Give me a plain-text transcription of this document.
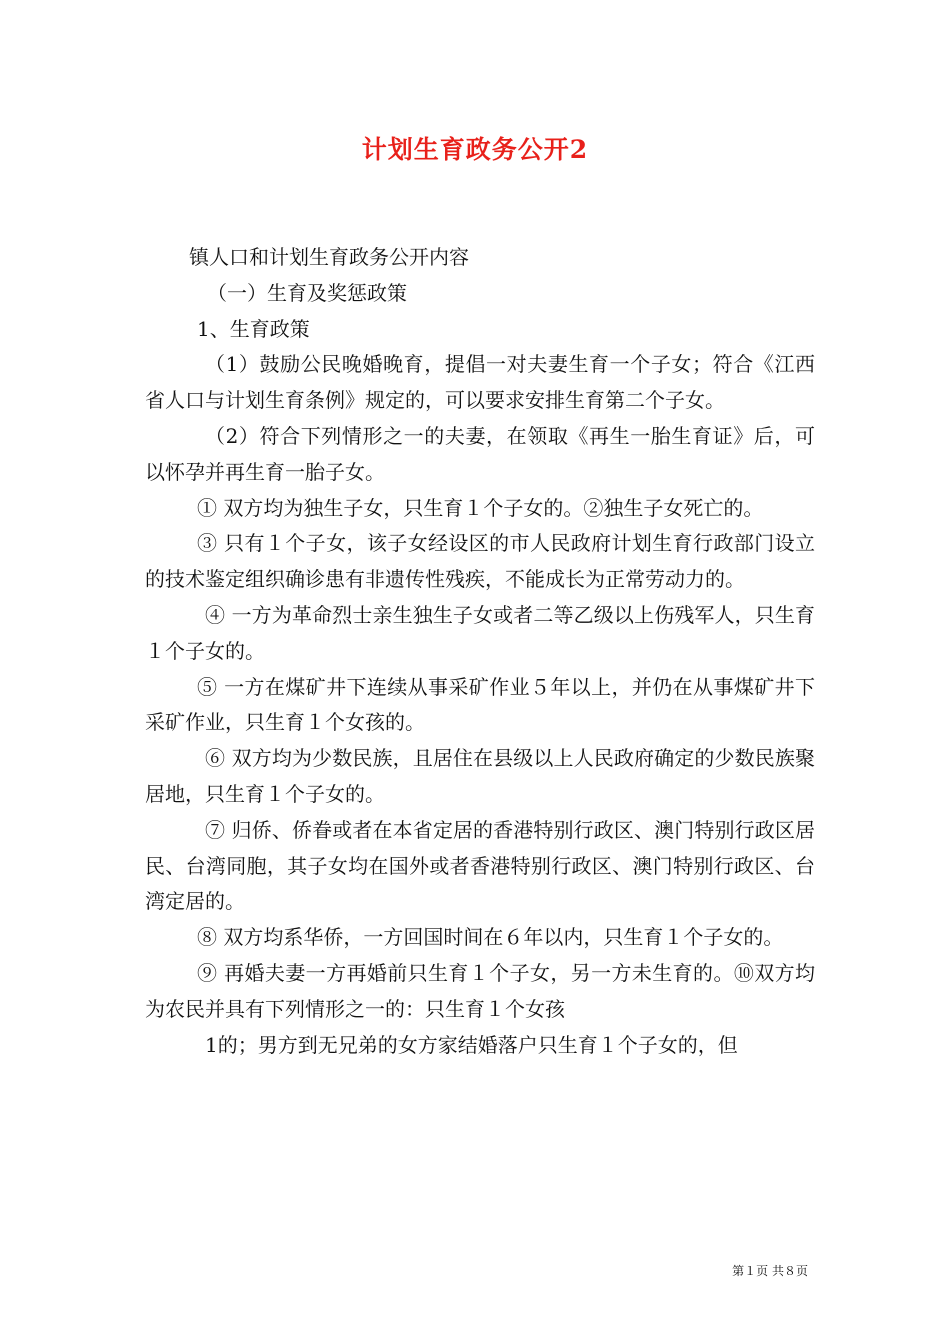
计划生育政务公开2

镇人口和计划生育政务公开内容

（一）生育及奖惩政策

1、生育政策

（1）鼓励公民晚婚晚育，提倡一对夫妻生育一个子女；符合《江西省人口与计划生育条例》规定的，可以要求安排生育第二个子女。

（2）符合下列情形之一的夫妻，在领取《再生一胎生育证》后，可以怀孕并再生育一胎子女。

① 双方均为独生子女，只生育１个子女的。②独生子女死亡的。

③ 只有１个子女，该子女经设区的市人民政府计划生育行政部门设立的技术鉴定组织确诊患有非遗传性残疾，不能成长为正常劳动力的。

④ 一方为革命烈士亲生独生子女或者二等乙级以上伤残军人，只生育１个子女的。

⑤ 一方在煤矿井下连续从事采矿作业５年以上，并仍在从事煤矿井下采矿作业，只生育１个女孩的。

⑥ 双方均为少数民族，且居住在县级以上人民政府确定的少数民族聚居地，只生育１个子女的。

⑦ 归侨、侨眷或者在本省定居的香港特别行政区、澳门特别行政区居民、台湾同胞，其子女均在国外或者香港特别行政区、澳门特别行政区、台湾定居的。

⑧ 双方均系华侨，一方回国时间在６年以内，只生育１个子女的。

⑨ 再婚夫妻一方再婚前只生育１个子女，另一方未生育的。⑩双方均为农民并具有下列情形之一的：只生育１个女孩

1的；男方到无兄弟的女方家结婚落户只生育１个子女的，但

第１页 共８页
